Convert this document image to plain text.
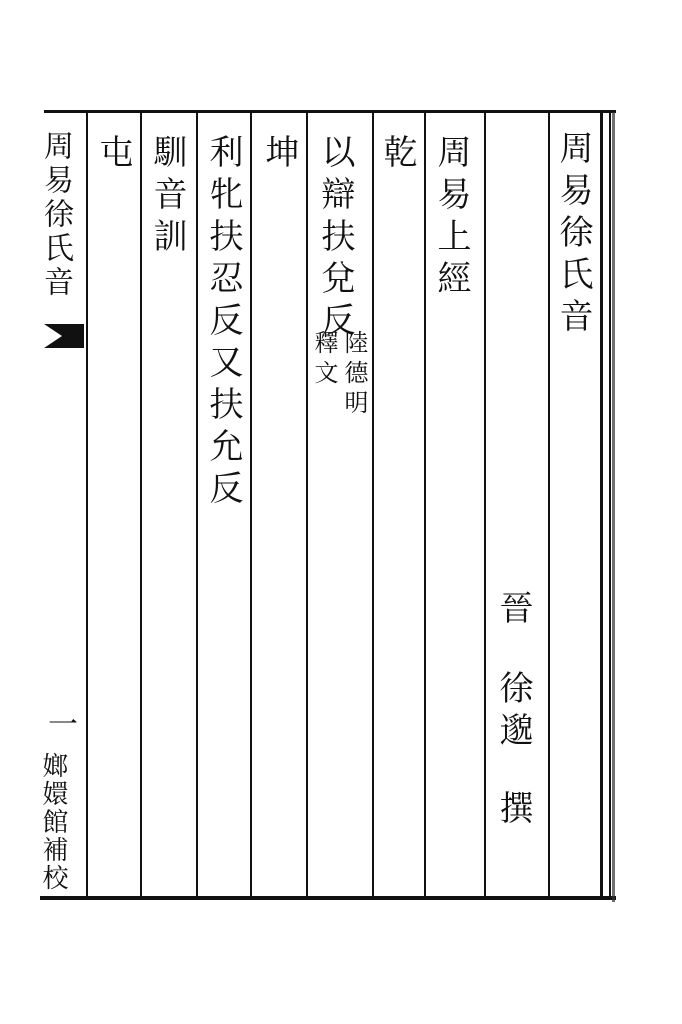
周易徐氏音
晉
徐邈
撰
周易上經
乾
以辯扶兌反
陸德明
釋文
坤
利牝扶忍反又扶允反
馴音訓
屯
周易徐氏音
一
嫏嬛館補校
